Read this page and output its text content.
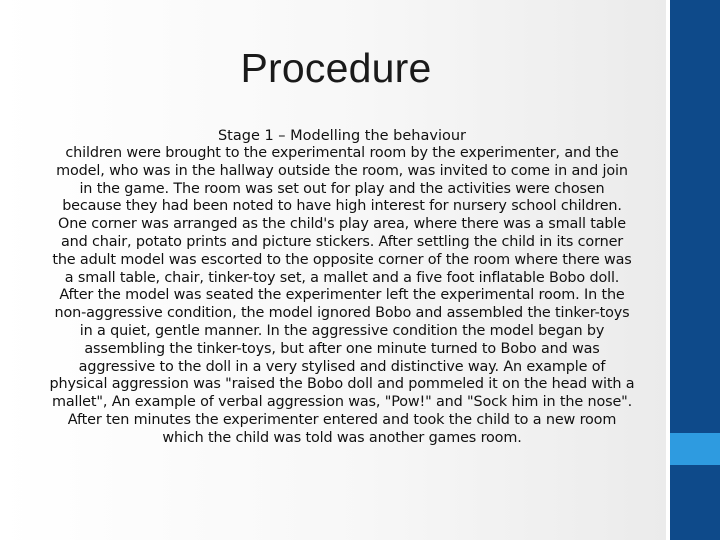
Procedure

Stage 1 – Modelling the behaviour

children were brought to the experimental room by the experimenter, and the model, who was in the hallway outside the room, was invited to come in and join in the game. The room was set out for play and the activities were chosen because they had been noted to have high interest for nursery school children. One corner was arranged as the child's play area, where there was a small table and chair, potato prints and picture stickers. After settling the child in its corner the adult model was escorted to the opposite corner of the room where there was a small table, chair, tinker-toy set, a mallet and a five foot inflatable Bobo doll. After the model was seated the experimenter left the experimental room. In the non-aggressive condition, the model ignored Bobo and assembled the tinker-toys in a quiet, gentle manner. In the aggressive condition the model began by assembling the tinker-toys, but after one minute turned to Bobo and was aggressive to the doll in a very stylised and distinctive way. An example of physical aggression was "raised the Bobo doll and pommeled it on the head with a mallet", An example of verbal aggression was, "Pow!" and "Sock him in the nose". After ten minutes the experimenter entered and took the child to a new room which the child was told was another games room.
